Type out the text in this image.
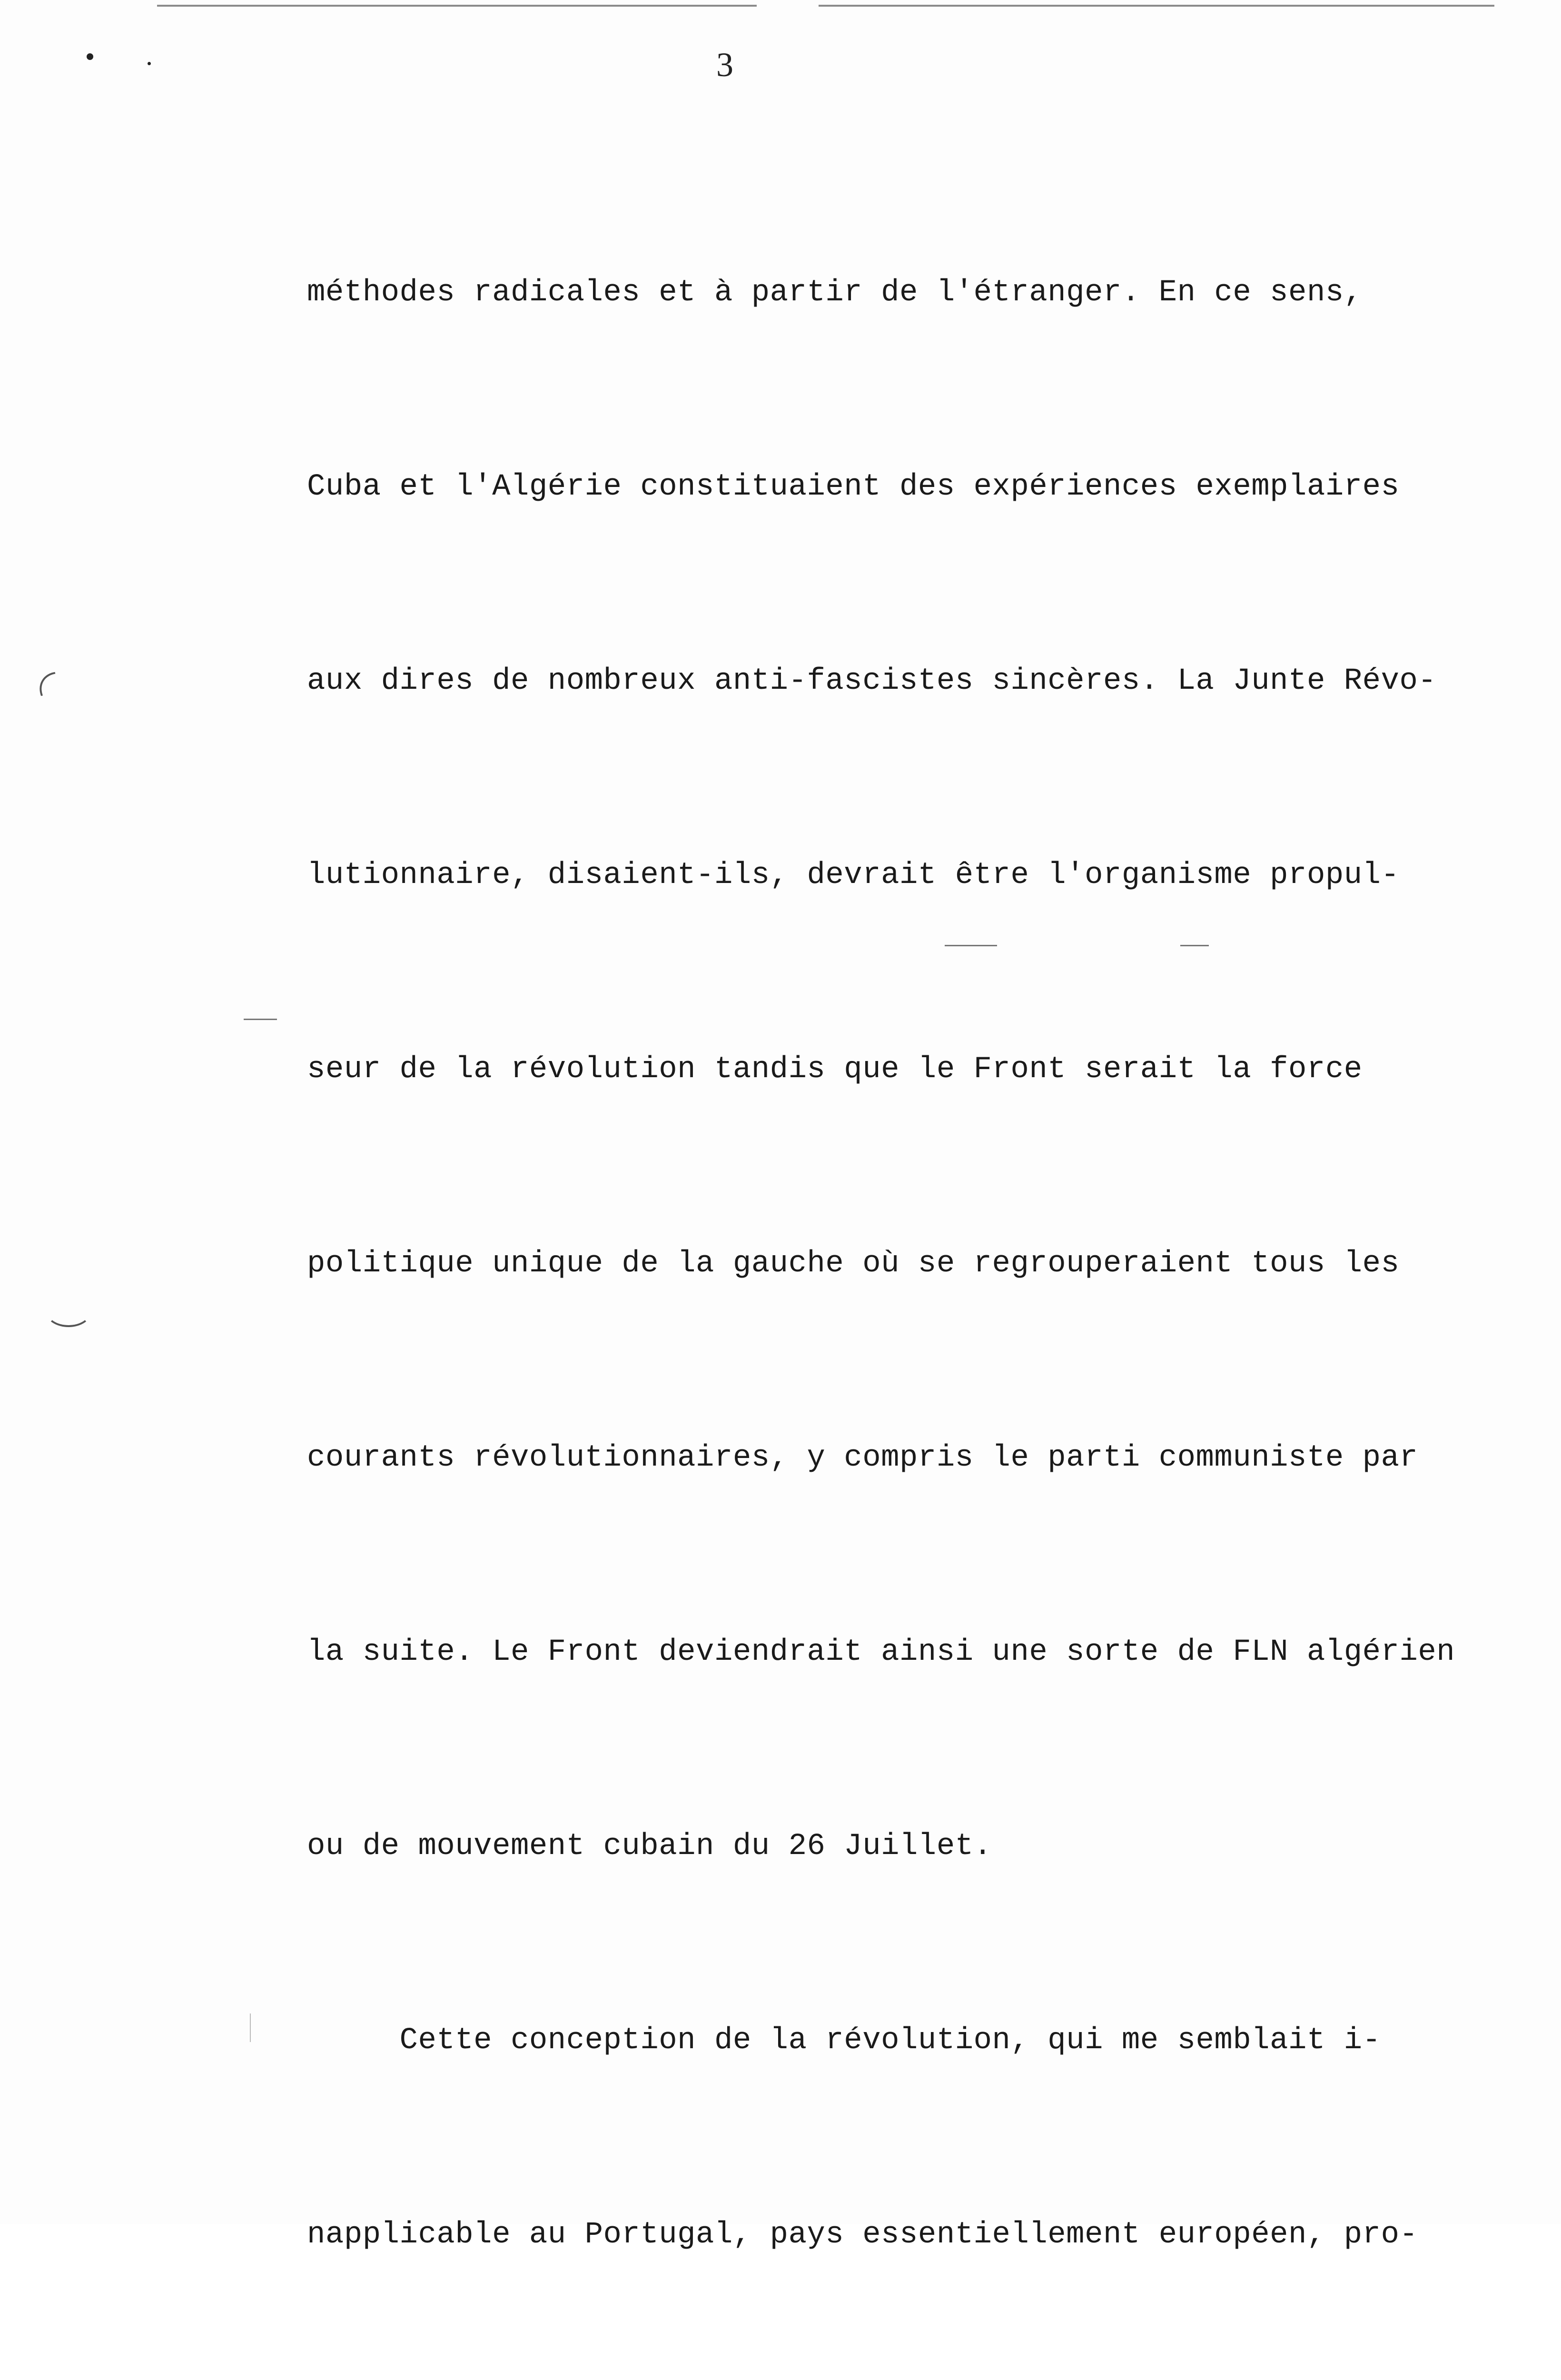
3

méthodes radicales et à partir de l'étranger. En ce sens,

Cuba et l'Algérie constituaient des expériences exemplaires

aux dires de nombreux anti-fascistes sincères. La Junte Révo-

lutionnaire, disaient-ils, devrait être l'organisme propul-

seur de la révolution tandis que le Front serait la force

politique unique de la gauche où se regrouperaient tous les

courants révolutionnaires, y compris le parti communiste par

la suite. Le Front deviendrait ainsi une sorte de FLN algérien

ou de mouvement cubain du 26 Juillet.

Cette conception de la révolution, qui me semblait i-

napplicable au Portugal, pays essentiellement européen, pro-
